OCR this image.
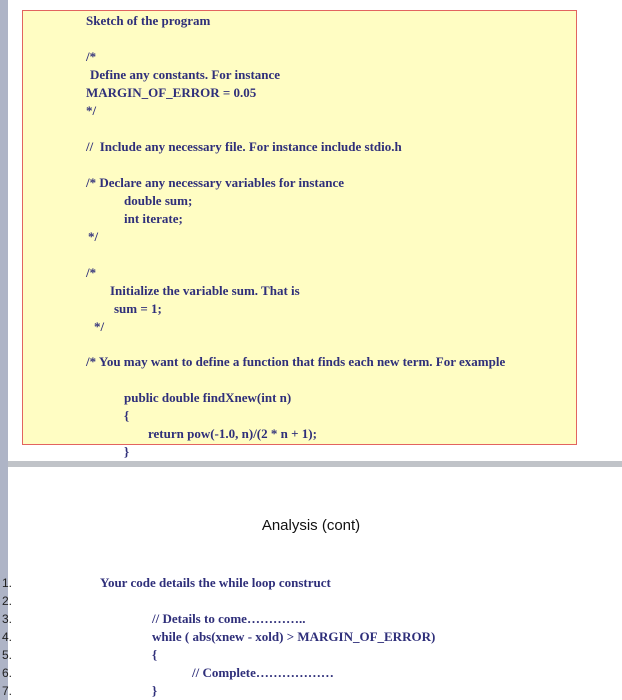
Sketch of the program
/*
Define any constants. For instance
MARGIN_OF_ERROR = 0.05
*/
//  Include any necessary file. For instance include stdio.h
/* Declare any necessary variables for instance
double sum;
int iterate;
*/
/*
Initialize the variable sum. That is
sum = 1;
*/
/* You may want to define a function that finds each new term. For example
public double findXnew(int n)
{
return pow(-1.0, n)/(2 * n + 1);
}
Analysis (cont)
1.
2.
3.
4.
5.
6.
7.
Your code details the while loop construct
// Details to come…………..
while ( abs(xnew - xold) > MARGIN_OF_ERROR)
{
// Complete………………
}
